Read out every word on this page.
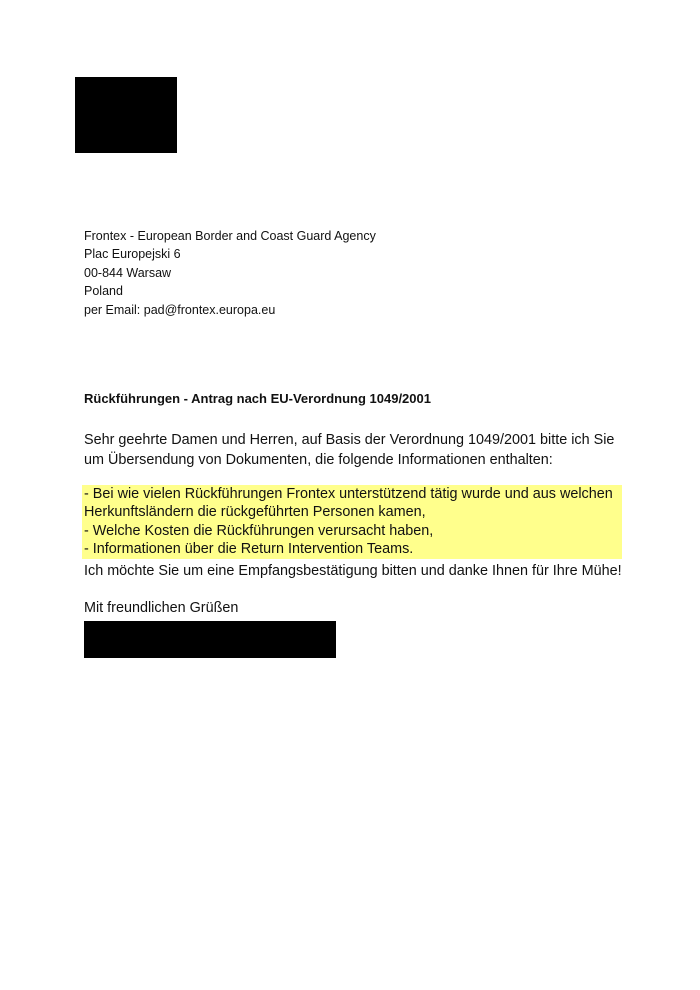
Frontex - European Border and Coast Guard Agency
Plac Europejski 6
00-844 Warsaw
Poland
per Email: pad@frontex.europa.eu
Rückführungen - Antrag nach EU-Verordnung 1049/2001
Sehr geehrte Damen und Herren, auf Basis der Verordnung 1049/2001 bitte ich Sie
um Übersendung von Dokumenten, die folgende Informationen enthalten:
- Bei wie vielen Rückführungen Frontex unterstützend tätig wurde und aus welchen
Herkunftsländern die rückgeführten Personen kamen,
- Welche Kosten die Rückführungen verursacht haben,
- Informationen über die Return Intervention Teams.
Ich möchte Sie um eine Empfangsbestätigung bitten und danke Ihnen für Ihre Mühe!
Mit freundlichen Grüßen
